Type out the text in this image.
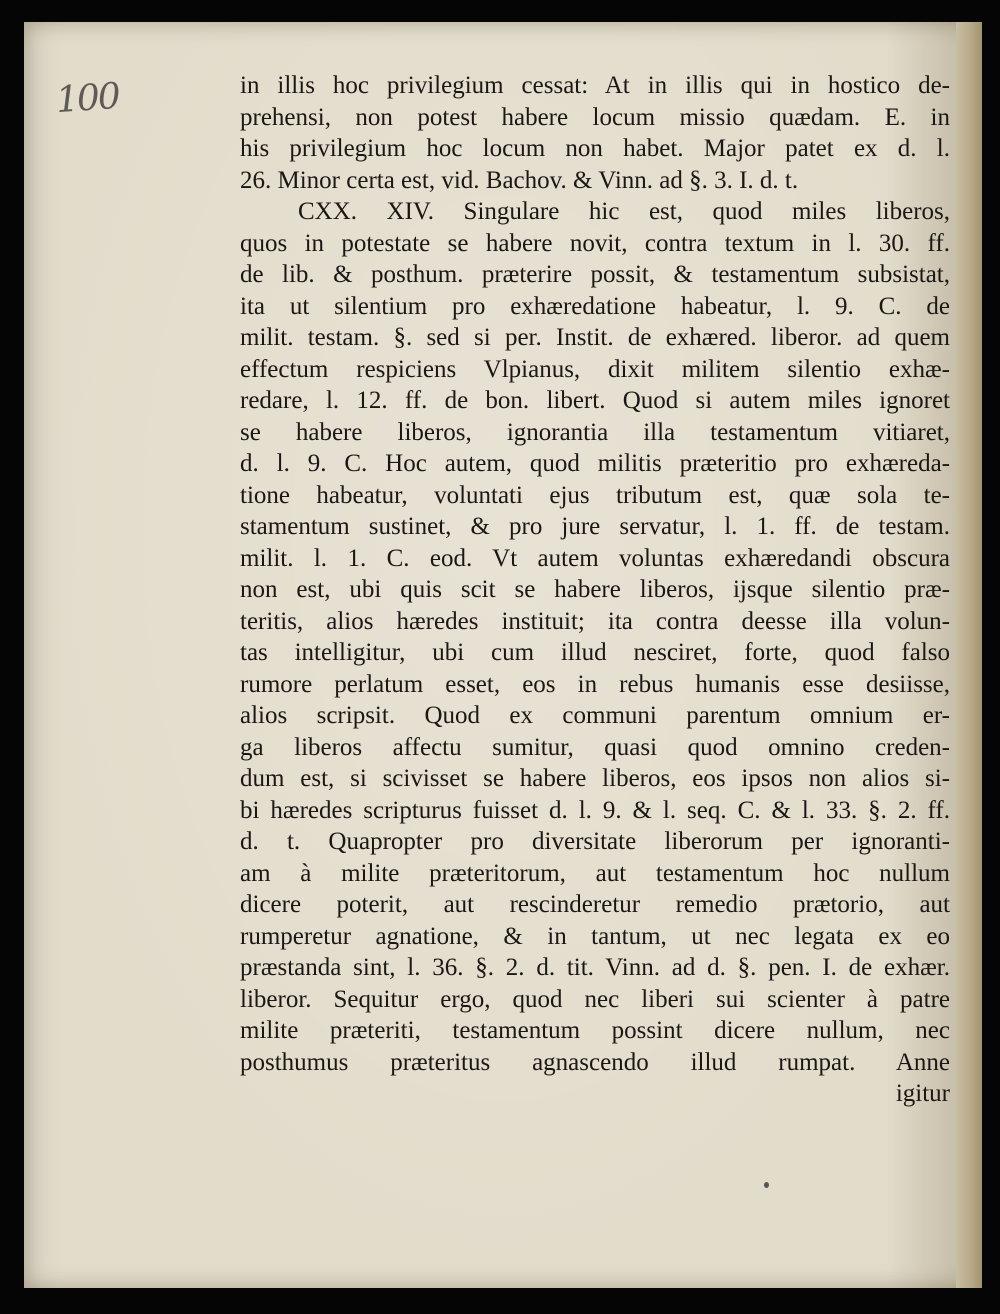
100	in illis hoc privilegium cessat: At in illis qui in hostico de-
prehensi, non potest habere locum missio quædam. E. in
his privilegium hoc locum non habet. Major patet ex d. l.
26. Minor certa est, vid. Bachov. & Vinn. ad §. 3. I. d. t.
CXX. XIV. Singulare hic est, quod miles liberos,
quos in potestate se habere novit, contra textum in l. 30. ff.
de lib. & posthum. præterire possit, & testamentum subsistat,
ita ut silentium pro exhæredatione habeatur, l. 9. C. de
milit. testam. §. sed si per. Instit. de exhæred. liberor. ad quem
effectum respiciens Vlpianus, dixit militem silentio exhæ-
redare, l. 12. ff. de bon. libert. Quod si autem miles ignoret
se habere liberos, ignorantia illa testamentum vitiaret,
d. l. 9. C. Hoc autem, quod militis præteritio pro exhæreda-
tione habeatur, voluntati ejus tributum est, quæ sola te-
stamentum sustinet, & pro jure servatur, l. 1. ff. de testam.
milit. l. 1. C. eod. Vt autem voluntas exhæredandi obscura
non est, ubi quis scit se habere liberos, ijsque silentio præ-
teritis, alios hæredes instituit; ita contra deesse illa volun-
tas intelligitur, ubi cum illud nesciret, forte, quod falso
rumore perlatum esset, eos in rebus humanis esse desiisse,
alios scripsit. Quod ex communi parentum omnium er-
ga liberos affectu sumitur, quasi quod omnino creden-
dum est, si scivisset se habere liberos, eos ipsos non alios si-
bi hæredes scripturus fuisset d. l. 9. & l. seq. C. & l. 33. §. 2. ff.
d. t. Quapropter pro diversitate liberorum per ignoranti-
am à milite præteritorum, aut testamentum hoc nullum
dicere poterit, aut rescinderetur remedio prætorio, aut
rumperetur agnatione, & in tantum, ut nec legata ex eo
præstanda sint, l. 36. §. 2. d. tit. Vinn. ad d. §. pen. I. de exhær.
liberor. Sequitur ergo, quod nec liberi sui scienter à patre
milite præteriti, testamentum possint dicere nullum, nec
posthumus præteritus agnascendo illud rumpat. Anne
igitur
